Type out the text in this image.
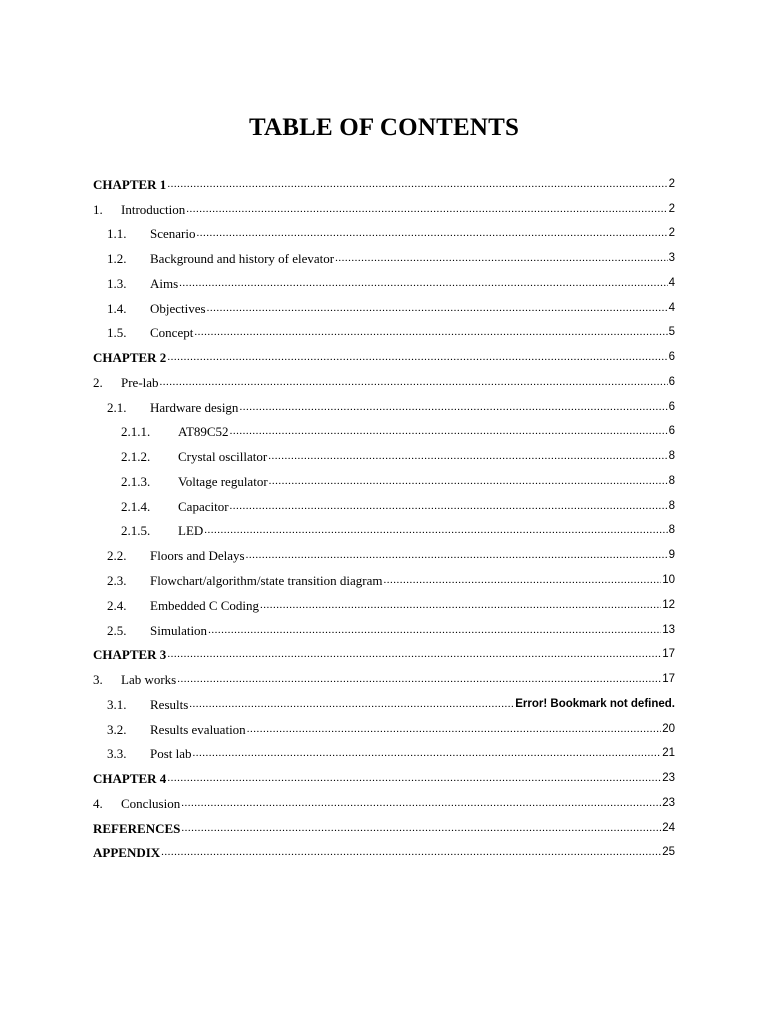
TABLE OF CONTENTS
CHAPTER 1 .....	2
1.	Introduction .....	2
1.1.	Scenario .....	2
1.2.	Background and history of elevator .....	3
1.3.	Aims .....	4
1.4.	Objectives .....	4
1.5.	Concept .....	5
CHAPTER 2 .....	6
2.	Pre-lab .....	6
2.1.	Hardware design .....	6
2.1.1.	AT89C52 .....	6
2.1.2.	Crystal oscillator .....	8
2.1.3.	Voltage regulator .....	8
2.1.4.	Capacitor .....	8
2.1.5.	LED .....	8
2.2.	Floors and Delays .....	9
2.3.	Flowchart/algorithm/state transition diagram .....	10
2.4.	Embedded C Coding .....	12
2.5.	Simulation .....	13
CHAPTER 3 .....	17
3.	Lab works .....	17
3.1.	Results .....	Error! Bookmark not defined.
3.2.	Results evaluation .....	20
3.3.	Post lab .....	21
CHAPTER 4 .....	23
4.	Conclusion .....	23
REFERENCES .....	24
APPENDIX .....	25
